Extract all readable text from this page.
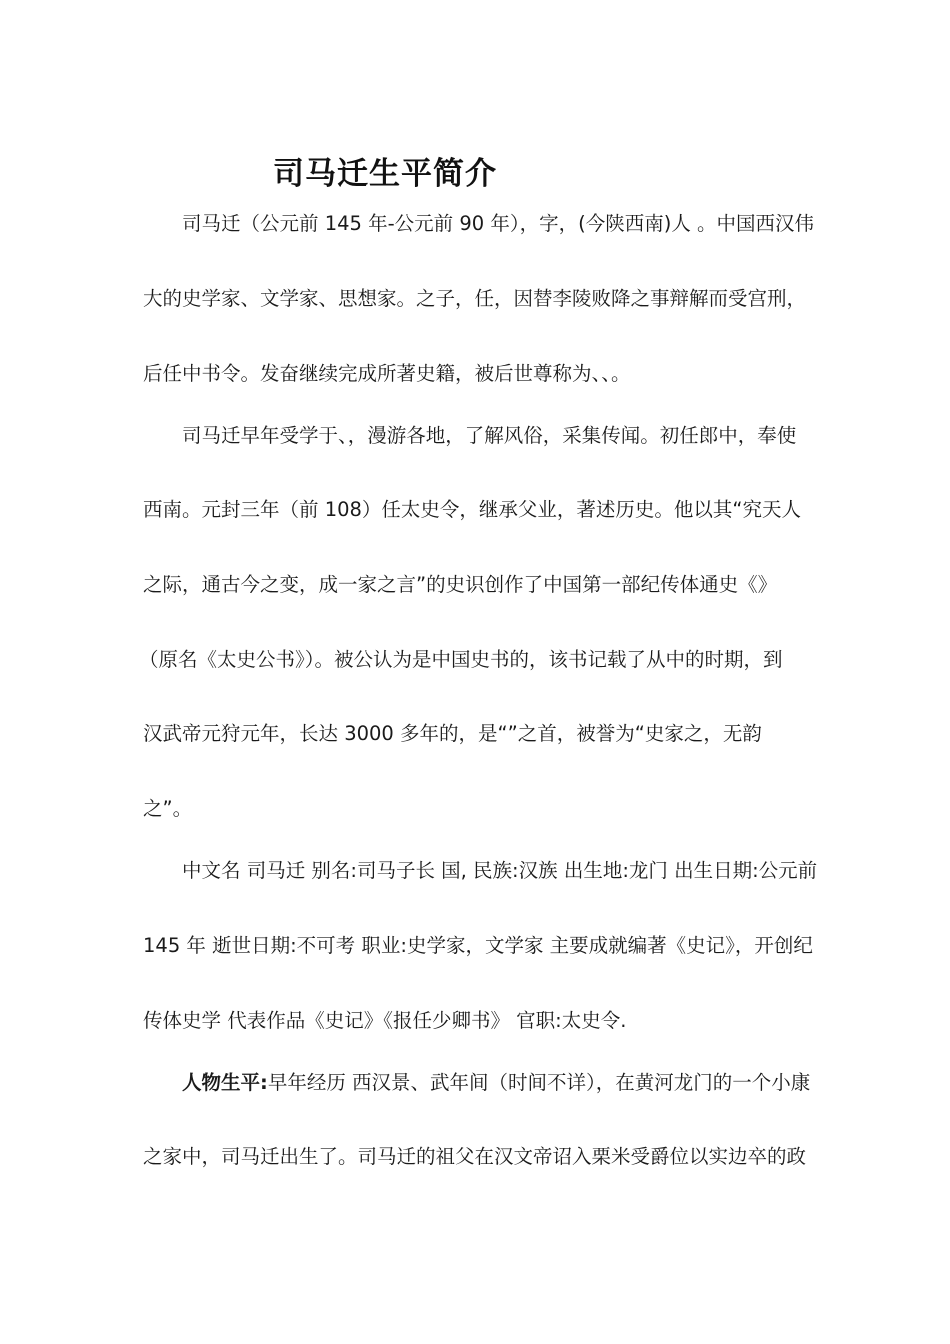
司马迁生平简介
司马迁（公元前 145 年-公元前 90 年），字，(今陕西南)人 。中国西汉伟
大的史学家、文学家、思想家。之子，任，因替李陵败降之事辩解而受宫刑，
后任中书令。发奋继续完成所著史籍，被后世尊称为、、。
司马迁早年受学于、，漫游各地，了解风俗，采集传闻。初任郎中，奉使
西南。元封三年（前 108）任太史令，继承父业，著述历史。他以其“究天人
之际，通古今之变，成一家之言”的史识创作了中国第一部纪传体通史《》
（原名《太史公书》）。被公认为是中国史书的，该书记载了从中的时期，到
汉武帝元狩元年，长达 3000 多年的，是“”之首，被誉为“史家之，无韵
之”。
中文名 司马迁 别名:司马子长 国, 民族:汉族 出生地:龙门 出生日期:公元前
145 年 逝世日期:不可考 职业:史学家，文学家 主要成就编著《史记》，开创纪
传体史学 代表作品《史记》《报任少卿书》 官职:太史令.
人物生平:早年经历 西汉景、武年间（时间不详），在黄河龙门的一个小康
之家中，司马迁出生了。司马迁的祖父在汉文帝诏入栗米受爵位以实边卒的政
